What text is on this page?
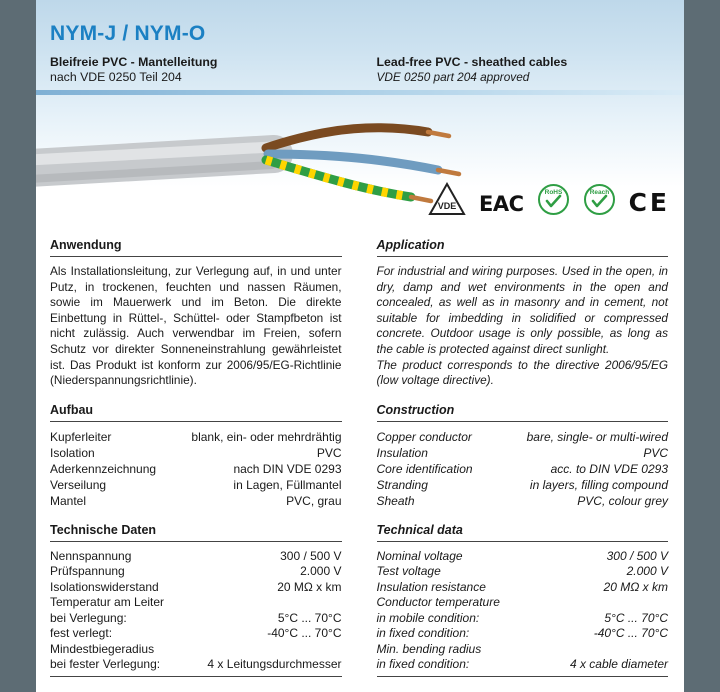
NYM-J / NYM-O
Bleifreie PVC - Mantelleitung
nach VDE 0250 Teil 204
Lead-free PVC - sheathed cables
VDE 0250 part 204 approved
VDE EAC	RoHS	Reach CE
Anwendung

Als Installationsleitung, zur Verlegung auf, in und unter Putz, in trockenen, feuchten und nassen Räumen, sowie im Mauerwerk und im Beton. Die direkte Einbettung in Rüttel-, Schüttel- oder Stampfbeton ist nicht zulässig. Auch verwendbar im Freien, sofern Schutz vor direkter Sonneneinstrahlung gewährleistet ist. Das Produkt ist konform zur 2006/95/EG-Richtlinie (Niederspannungsrichtlinie).

Application

For industrial and wiring purposes. Used in the open, in dry, damp and wet environments in the open and concealed, as well as in masonry and in cement, not suitable for imbedding in solidified or compressed concrete. Outdoor usage is only possible, as long as the cable is protected against direct sunlight.

The product corresponds to the directive 2006/95/EG (low voltage directive).

Aufbau
Kupferleiter	blank, ein- oder mehrdrähtig
Isolation	PVC
Aderkennzeichnung	nach DIN VDE 0293
Verseilung	in Lagen, Füllmantel
Mantel	PVC, grau
Construction
Copper conductor	bare, single- or multi-wired
Insulation	PVC
Core identification	acc. to DIN VDE 0293
Stranding	in layers, filling compound
Sheath	PVC, colour grey
Technische Daten
Nennspannung	300 / 500 V
Prüfspannung	2.000 V
Isolationswiderstand	20 MΩ x km
Temperatur am Leiter
bei Verlegung:	5°C ... 70°C
fest verlegt:	-40°C ... 70°C
Mindestbiegeradius
bei fester Verlegung:	4 x Leitungsdurchmesser
Technical data
Nominal voltage	300 / 500 V
Test voltage	2.000 V
Insulation resistance	20 MΩ x km
Conductor temperature
in mobile condition:	5°C ... 70°C
in fixed condition:	-40°C ... 70°C
Min. bending radius
in fixed condition:	4 x cable diameter
